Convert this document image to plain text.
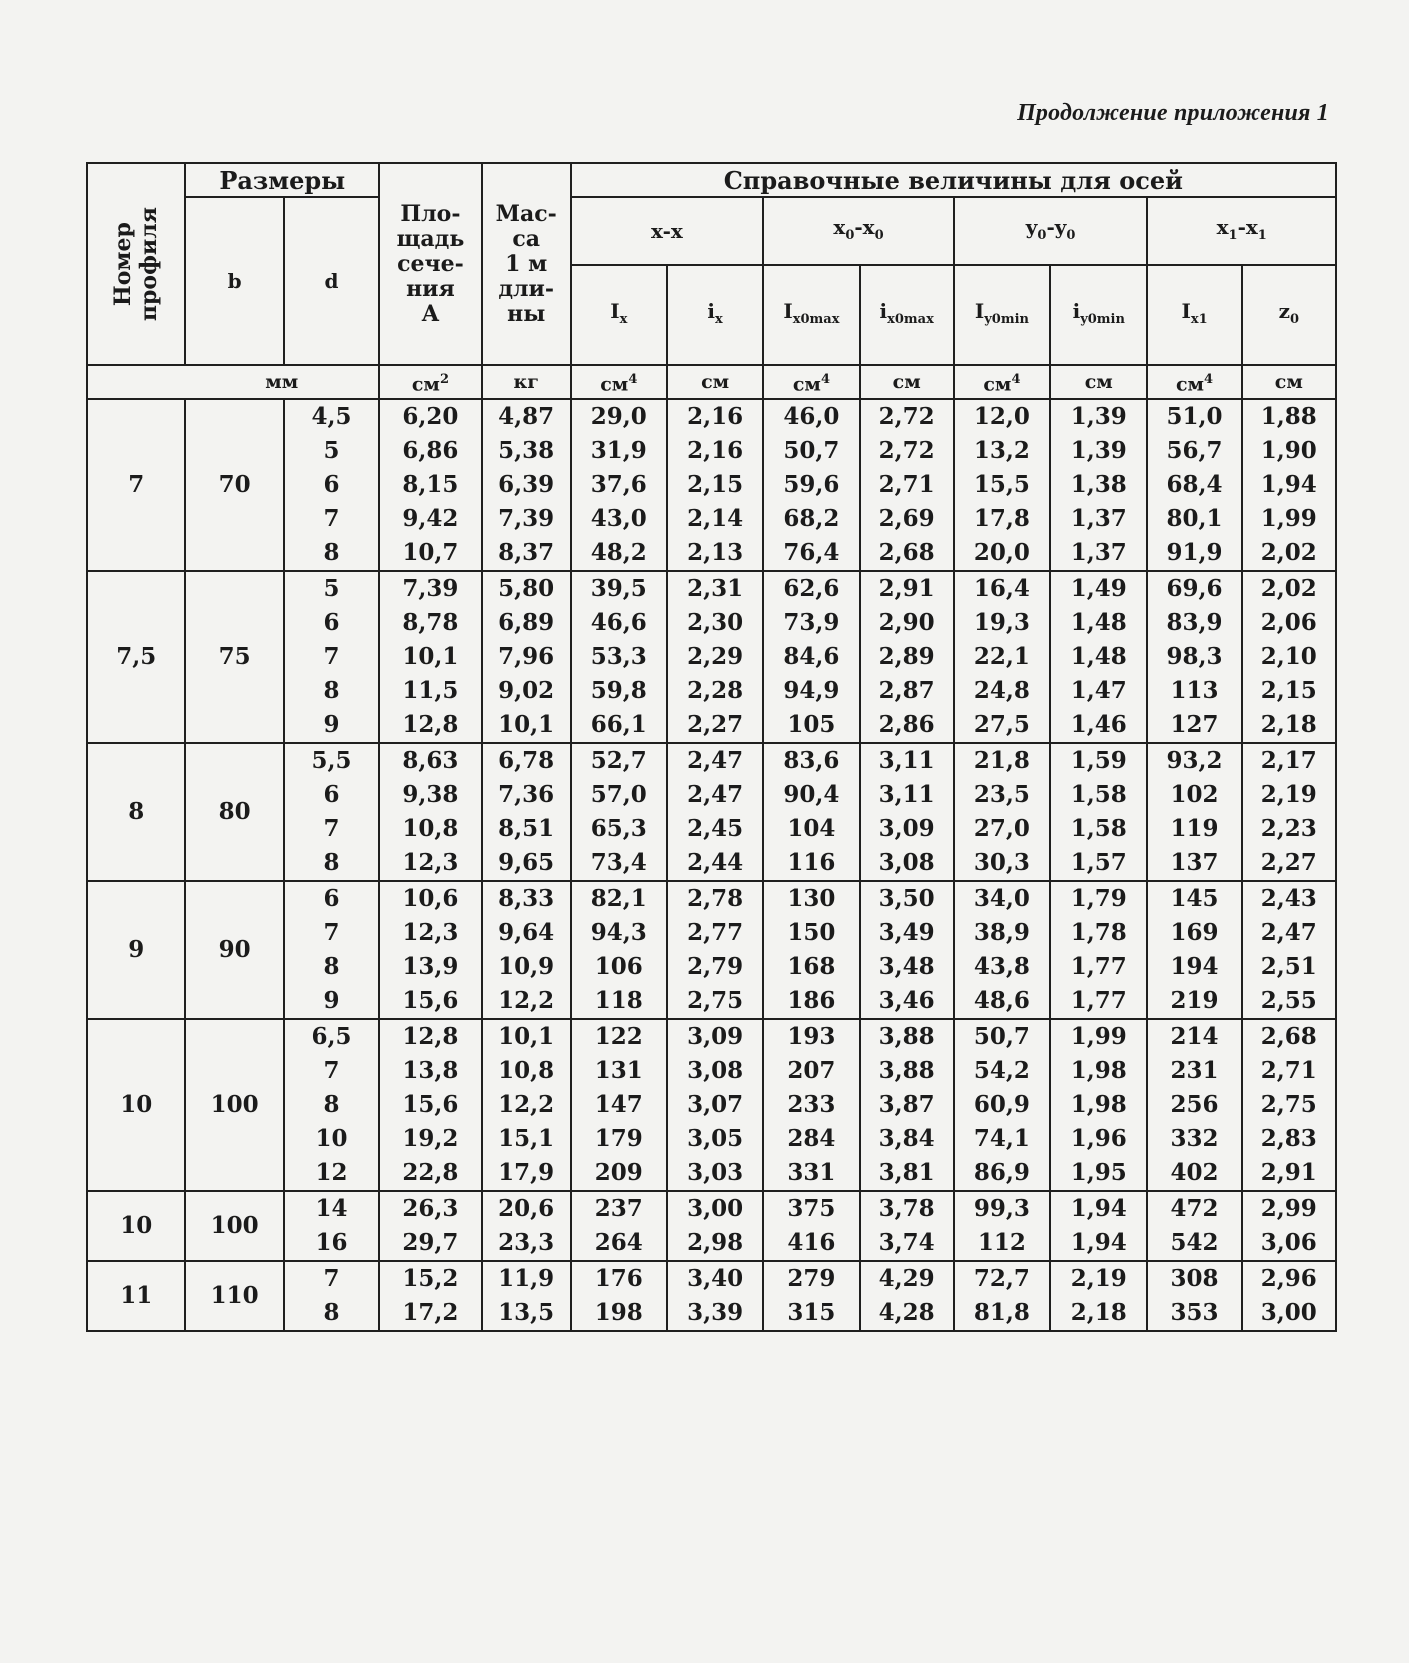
Продолжение приложения 1
Номер
профиля	Размеры		Пло-
щадь
сече-
ния
A	Мас-
са
1 м
дли-
ны	Справочные величины для осей							
	b	d			x-x		$x_0-x_0$		$y_0-y_0$		$x_1-x_1$
					$I_x$	$i_x$	$I_{x0max}$	$i_{x0max}$	$I_{y0min}$	$i_{y0min}$	$I_{x1}$	$z_0$
	мм		$см^2$	кг	$см^4$	см	$см^4$	см	$см^4$	см	$см^4$	см
7	70	4,5	6,20	4,87	29,0	2,16	46,0	2,72	12,0	1,39	51,0	1,88
		5	6,86	5,38	31,9	2,16	50,7	2,72	13,2	1,39	56,7	1,90
		6	8,15	6,39	37,6	2,15	59,6	2,71	15,5	1,38	68,4	1,94
		7	9,42	7,39	43,0	2,14	68,2	2,69	17,8	1,37	80,1	1,99
		8	10,7	8,37	48,2	2,13	76,4	2,68	20,0	1,37	91,9	2,02
7,5	75	5	7,39	5,80	39,5	2,31	62,6	2,91	16,4	1,49	69,6	2,02
		6	8,78	6,89	46,6	2,30	73,9	2,90	19,3	1,48	83,9	2,06
		7	10,1	7,96	53,3	2,29	84,6	2,89	22,1	1,48	98,3	2,10
		8	11,5	9,02	59,8	2,28	94,9	2,87	24,8	1,47	113	2,15
		9	12,8	10,1	66,1	2,27	105	2,86	27,5	1,46	127	2,18
8	80	5,5	8,63	6,78	52,7	2,47	83,6	3,11	21,8	1,59	93,2	2,17
		6	9,38	7,36	57,0	2,47	90,4	3,11	23,5	1,58	102	2,19
		7	10,8	8,51	65,3	2,45	104	3,09	27,0	1,58	119	2,23
		8	12,3	9,65	73,4	2,44	116	3,08	30,3	1,57	137	2,27
9	90	6	10,6	8,33	82,1	2,78	130	3,50	34,0	1,79	145	2,43
		7	12,3	9,64	94,3	2,77	150	3,49	38,9	1,78	169	2,47
		8	13,9	10,9	106	2,79	168	3,48	43,8	1,77	194	2,51
		9	15,6	12,2	118	2,75	186	3,46	48,6	1,77	219	2,55
10	100	6,5	12,8	10,1	122	3,09	193	3,88	50,7	1,99	214	2,68
		7	13,8	10,8	131	3,08	207	3,88	54,2	1,98	231	2,71
		8	15,6	12,2	147	3,07	233	3,87	60,9	1,98	256	2,75
		10	19,2	15,1	179	3,05	284	3,84	74,1	1,96	332	2,83
		12	22,8	17,9	209	3,03	331	3,81	86,9	1,95	402	2,91
10	100	14	26,3	20,6	237	3,00	375	3,78	99,3	1,94	472	2,99
		16	29,7	23,3	264	2,98	416	3,74	112	1,94	542	3,06
11	110	7	15,2	11,9	176	3,40	279	4,29	72,7	2,19	308	2,96
		8	17,2	13,5	198	3,39	315	4,28	81,8	2,18	353	3,00
